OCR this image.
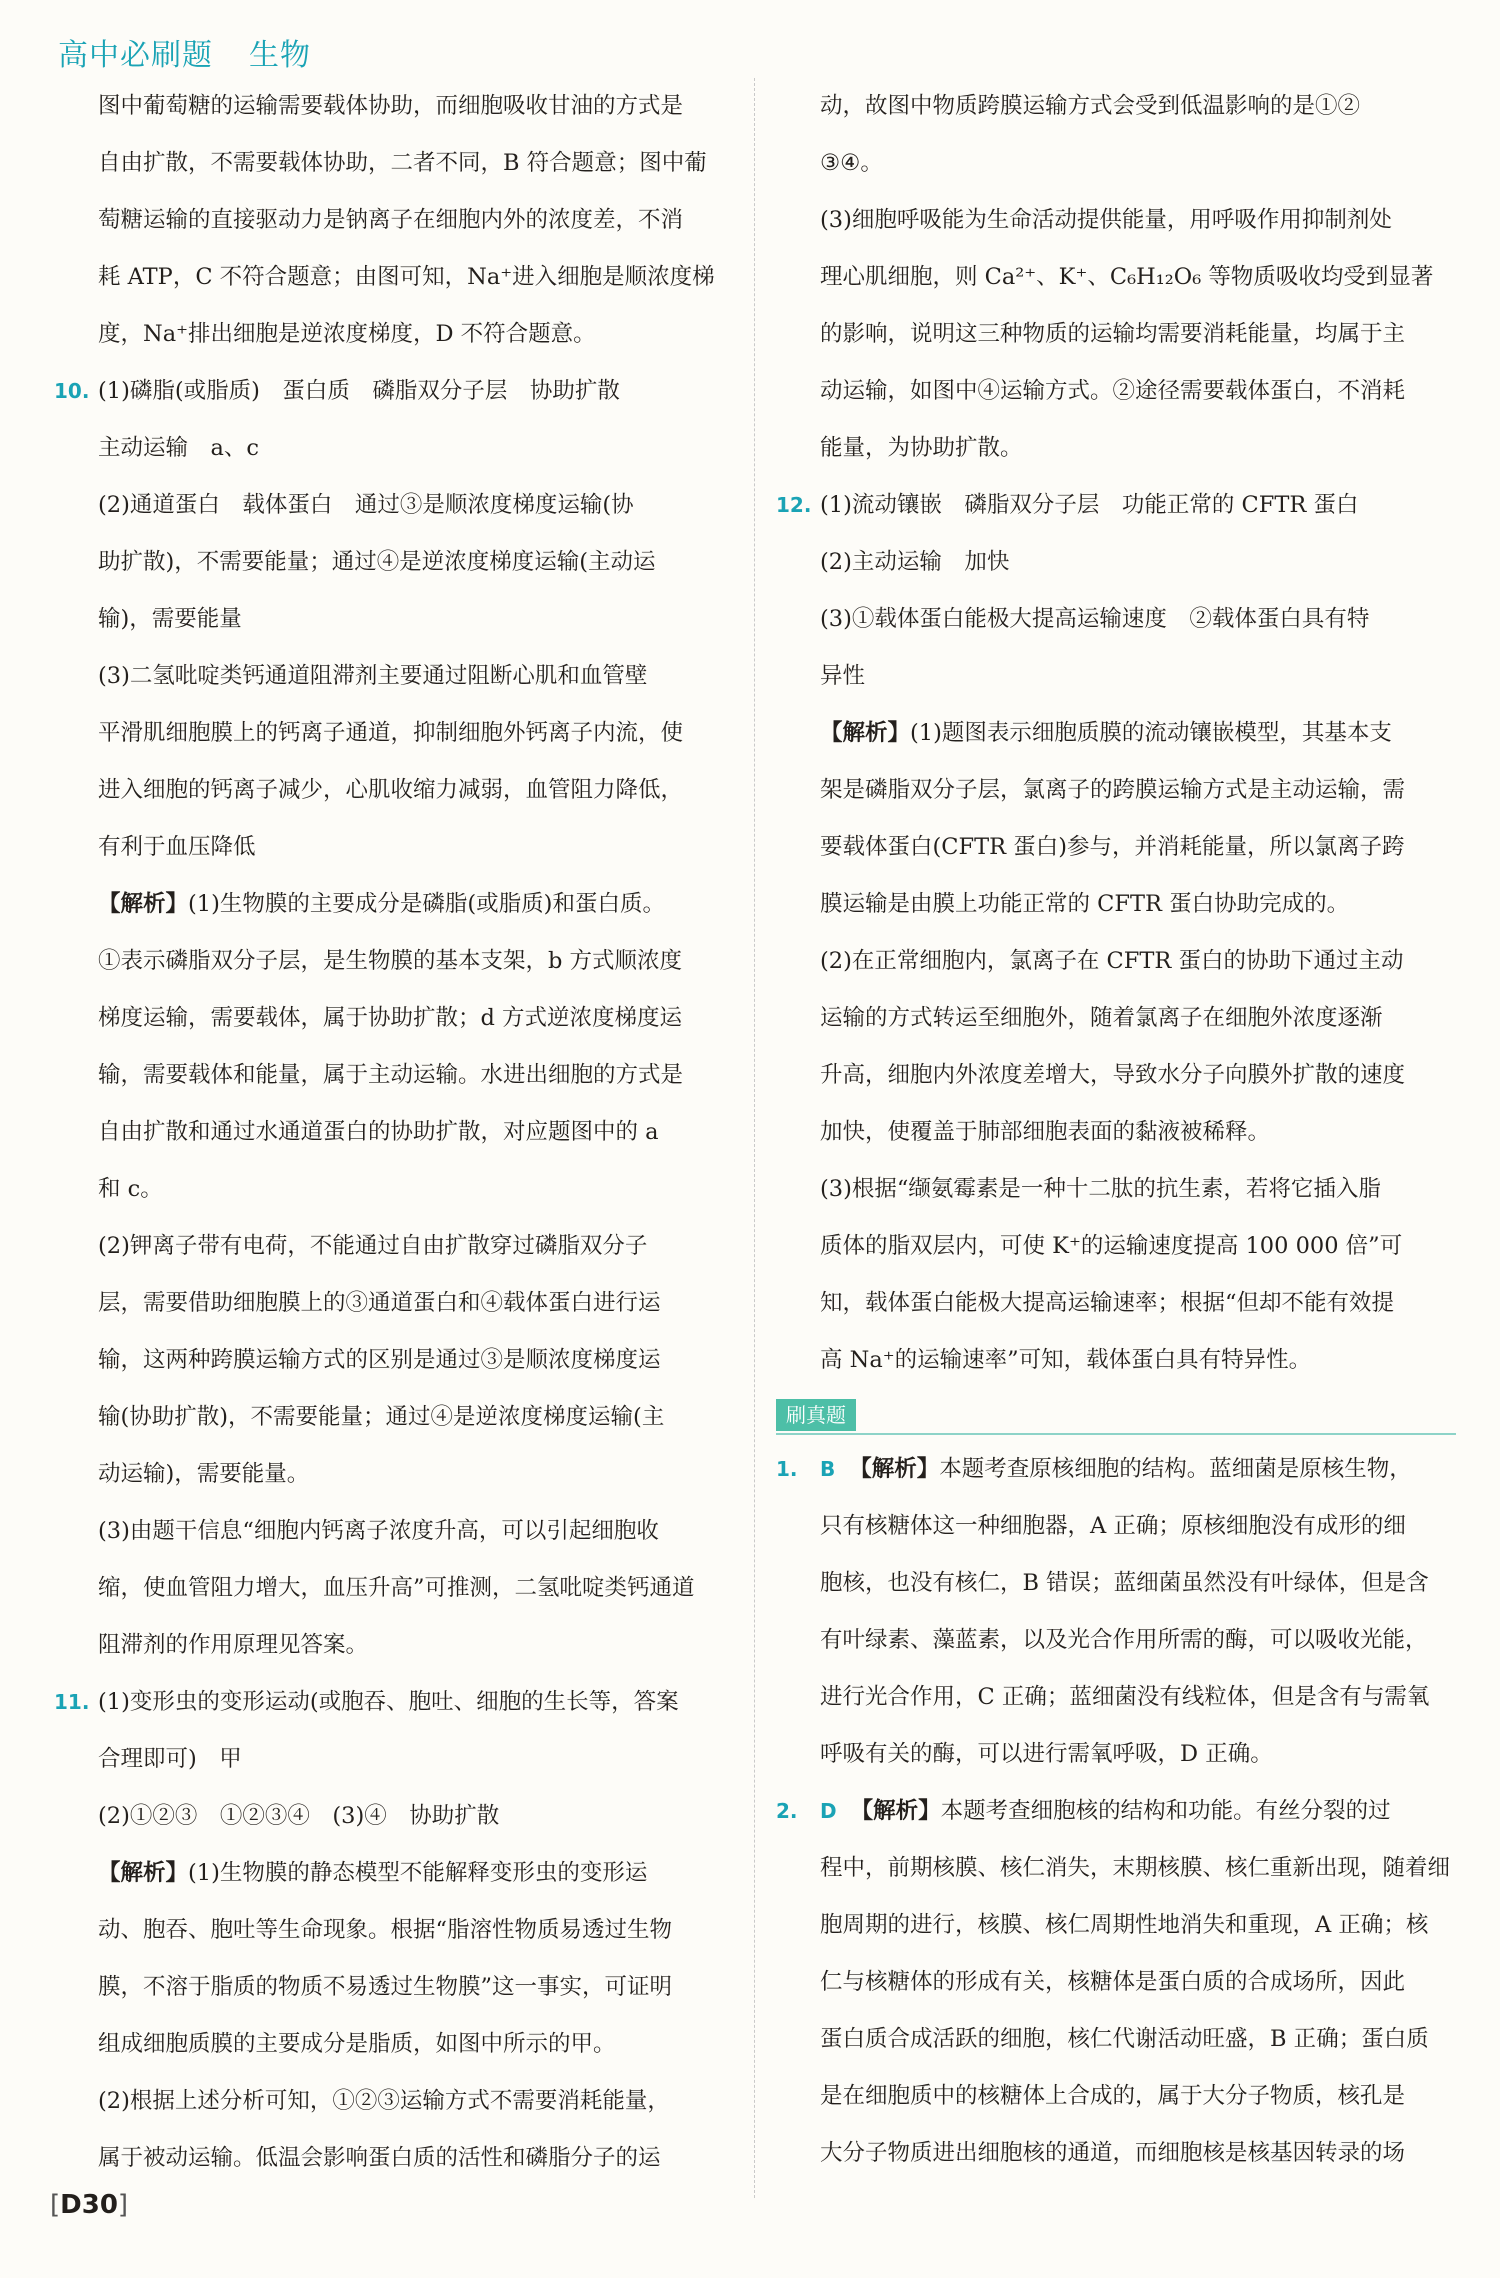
高中必刷题 生物
图中葡萄糖的运输需要载体协助，而细胞吸收甘油的方式是
自由扩散，不需要载体协助，二者不同，B 符合题意；图中葡
萄糖运输的直接驱动力是钠离子在细胞内外的浓度差，不消
耗 ATP，C 不符合题意；由图可知，Na⁺进入细胞是顺浓度梯
度，Na⁺排出细胞是逆浓度梯度，D 不符合题意。
10. (1)磷脂(或脂质)　蛋白质　磷脂双分子层　协助扩散
主动运输　a、c
(2)通道蛋白　载体蛋白　通过③是顺浓度梯度运输(协
助扩散)，不需要能量；通过④是逆浓度梯度运输(主动运
输)，需要能量
(3)二氢吡啶类钙通道阻滞剂主要通过阻断心肌和血管壁
平滑肌细胞膜上的钙离子通道，抑制细胞外钙离子内流，使
进入细胞的钙离子减少，心肌收缩力减弱，血管阻力降低，
有利于血压降低
【解析】(1)生物膜的主要成分是磷脂(或脂质)和蛋白质。
①表示磷脂双分子层，是生物膜的基本支架，b 方式顺浓度
梯度运输，需要载体，属于协助扩散；d 方式逆浓度梯度运
输，需要载体和能量，属于主动运输。水进出细胞的方式是
自由扩散和通过水通道蛋白的协助扩散，对应题图中的 a
和 c。
(2)钾离子带有电荷，不能通过自由扩散穿过磷脂双分子
层，需要借助细胞膜上的③通道蛋白和④载体蛋白进行运
输，这两种跨膜运输方式的区别是通过③是顺浓度梯度运
输(协助扩散)，不需要能量；通过④是逆浓度梯度运输(主
动运输)，需要能量。
(3)由题干信息“细胞内钙离子浓度升高，可以引起细胞收
缩，使血管阻力增大，血压升高”可推测，二氢吡啶类钙通道
阻滞剂的作用原理见答案。
11. (1)变形虫的变形运动(或胞吞、胞吐、细胞的生长等，答案
合理即可)　甲
(2)①②③　①②③④　(3)④　协助扩散
【解析】(1)生物膜的静态模型不能解释变形虫的变形运
动、胞吞、胞吐等生命现象。根据“脂溶性物质易透过生物
膜，不溶于脂质的物质不易透过生物膜”这一事实，可证明
组成细胞质膜的主要成分是脂质，如图中所示的甲。
(2)根据上述分析可知，①②③运输方式不需要消耗能量，
属于被动运输。低温会影响蛋白质的活性和磷脂分子的运
动，故图中物质跨膜运输方式会受到低温影响的是①②
③④。
(3)细胞呼吸能为生命活动提供能量，用呼吸作用抑制剂处
理心肌细胞，则 Ca²⁺、K⁺、C₆H₁₂O₆ 等物质吸收均受到显著
的影响，说明这三种物质的运输均需要消耗能量，均属于主
动运输，如图中④运输方式。②途径需要载体蛋白，不消耗
能量，为协助扩散。
12. (1)流动镶嵌　磷脂双分子层　功能正常的 CFTR 蛋白
(2)主动运输　加快
(3)①载体蛋白能极大提高运输速度　②载体蛋白具有特
异性
【解析】(1)题图表示细胞质膜的流动镶嵌模型，其基本支
架是磷脂双分子层，氯离子的跨膜运输方式是主动运输，需
要载体蛋白(CFTR 蛋白)参与，并消耗能量，所以氯离子跨
膜运输是由膜上功能正常的 CFTR 蛋白协助完成的。
(2)在正常细胞内，氯离子在 CFTR 蛋白的协助下通过主动
运输的方式转运至细胞外，随着氯离子在细胞外浓度逐渐
升高，细胞内外浓度差增大，导致水分子向膜外扩散的速度
加快，使覆盖于肺部细胞表面的黏液被稀释。
(3)根据“缬氨霉素是一种十二肽的抗生素，若将它插入脂
质体的脂双层内，可使 K⁺的运输速度提高 100 000 倍”可
知，载体蛋白能极大提高运输速率；根据“但却不能有效提
高 Na⁺的运输速率”可知，载体蛋白具有特异性。
刷真题
1. B 【解析】本题考查原核细胞的结构。蓝细菌是原核生物，
只有核糖体这一种细胞器，A 正确；原核细胞没有成形的细
胞核，也没有核仁，B 错误；蓝细菌虽然没有叶绿体，但是含
有叶绿素、藻蓝素，以及光合作用所需的酶，可以吸收光能，
进行光合作用，C 正确；蓝细菌没有线粒体，但是含有与需氧
呼吸有关的酶，可以进行需氧呼吸，D 正确。
2. D 【解析】本题考查细胞核的结构和功能。有丝分裂的过
程中，前期核膜、核仁消失，末期核膜、核仁重新出现，随着细
胞周期的进行，核膜、核仁周期性地消失和重现，A 正确；核
仁与核糖体的形成有关，核糖体是蛋白质的合成场所，因此
蛋白质合成活跃的细胞，核仁代谢活动旺盛，B 正确；蛋白质
是在细胞质中的核糖体上合成的，属于大分子物质，核孔是
大分子物质进出细胞核的通道，而细胞核是核基因转录的场
[D30]
